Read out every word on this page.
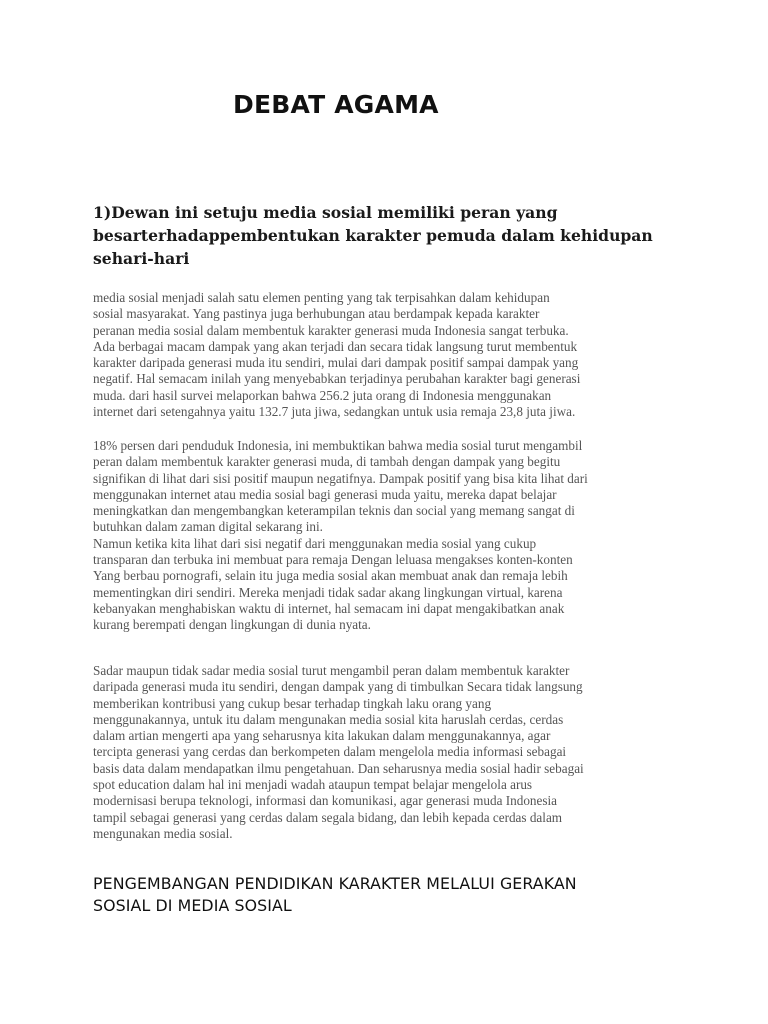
DEBAT AGAMA
1)Dewan ini setuju media sosial memiliki peran yang
besarterhadappembentukan karakter pemuda dalam kehidupan
sehari-hari
media sosial menjadi salah satu elemen penting yang tak terpisahkan dalam kehidupan
sosial masyarakat. Yang pastinya juga berhubungan atau berdampak kepada karakter
peranan media sosial dalam membentuk karakter generasi muda Indonesia sangat terbuka.
Ada berbagai macam dampak yang akan terjadi dan secara tidak langsung turut membentuk
karakter daripada generasi muda itu sendiri, mulai dari dampak positif sampai dampak yang
negatif. Hal semacam inilah yang menyebabkan terjadinya perubahan karakter bagi generasi
muda. dari hasil survei melaporkan bahwa 256.2 juta orang di Indonesia menggunakan
internet dari setengahnya yaitu 132.7 juta jiwa, sedangkan untuk usia remaja 23,8 juta jiwa.
18% persen dari penduduk Indonesia, ini membuktikan bahwa media sosial turut mengambil
peran dalam membentuk karakter generasi muda, di tambah dengan dampak yang begitu
signifikan di lihat dari sisi positif maupun negatifnya. Dampak positif yang bisa kita lihat dari
menggunakan internet atau media sosial bagi generasi muda yaitu, mereka dapat belajar
meningkatkan dan mengembangkan keterampilan teknis dan social yang memang sangat di
butuhkan dalam zaman digital sekarang ini.
Namun ketika kita lihat dari sisi negatif dari menggunakan media sosial yang cukup
transparan dan terbuka ini membuat para remaja Dengan leluasa mengakses konten-konten
Yang berbau pornografi, selain itu juga media sosial akan membuat anak dan remaja lebih
mementingkan diri sendiri. Mereka menjadi tidak sadar akang lingkungan virtual, karena
kebanyakan menghabiskan waktu di internet, hal semacam ini dapat mengakibatkan anak
kurang berempati dengan lingkungan di dunia nyata.
Sadar maupun tidak sadar media sosial turut mengambil peran dalam membentuk karakter
daripada generasi muda itu sendiri, dengan dampak yang di timbulkan Secara tidak langsung
memberikan kontribusi yang cukup besar terhadap tingkah laku orang yang
menggunakannya, untuk itu dalam mengunakan media sosial kita haruslah cerdas, cerdas
dalam artian mengerti apa yang seharusnya kita lakukan dalam menggunakannya, agar
tercipta generasi yang cerdas dan berkompeten dalam mengelola media informasi sebagai
basis data dalam mendapatkan ilmu pengetahuan. Dan seharusnya media sosial hadir sebagai
spot education dalam hal ini menjadi wadah ataupun tempat belajar mengelola arus
modernisasi berupa teknologi, informasi dan komunikasi, agar generasi muda Indonesia
tampil sebagai generasi yang cerdas dalam segala bidang, dan lebih kepada cerdas dalam
mengunakan media sosial.
PENGEMBANGAN PENDIDIKAN KARAKTER MELALUI GERAKAN
SOSIAL DI MEDIA SOSIAL
